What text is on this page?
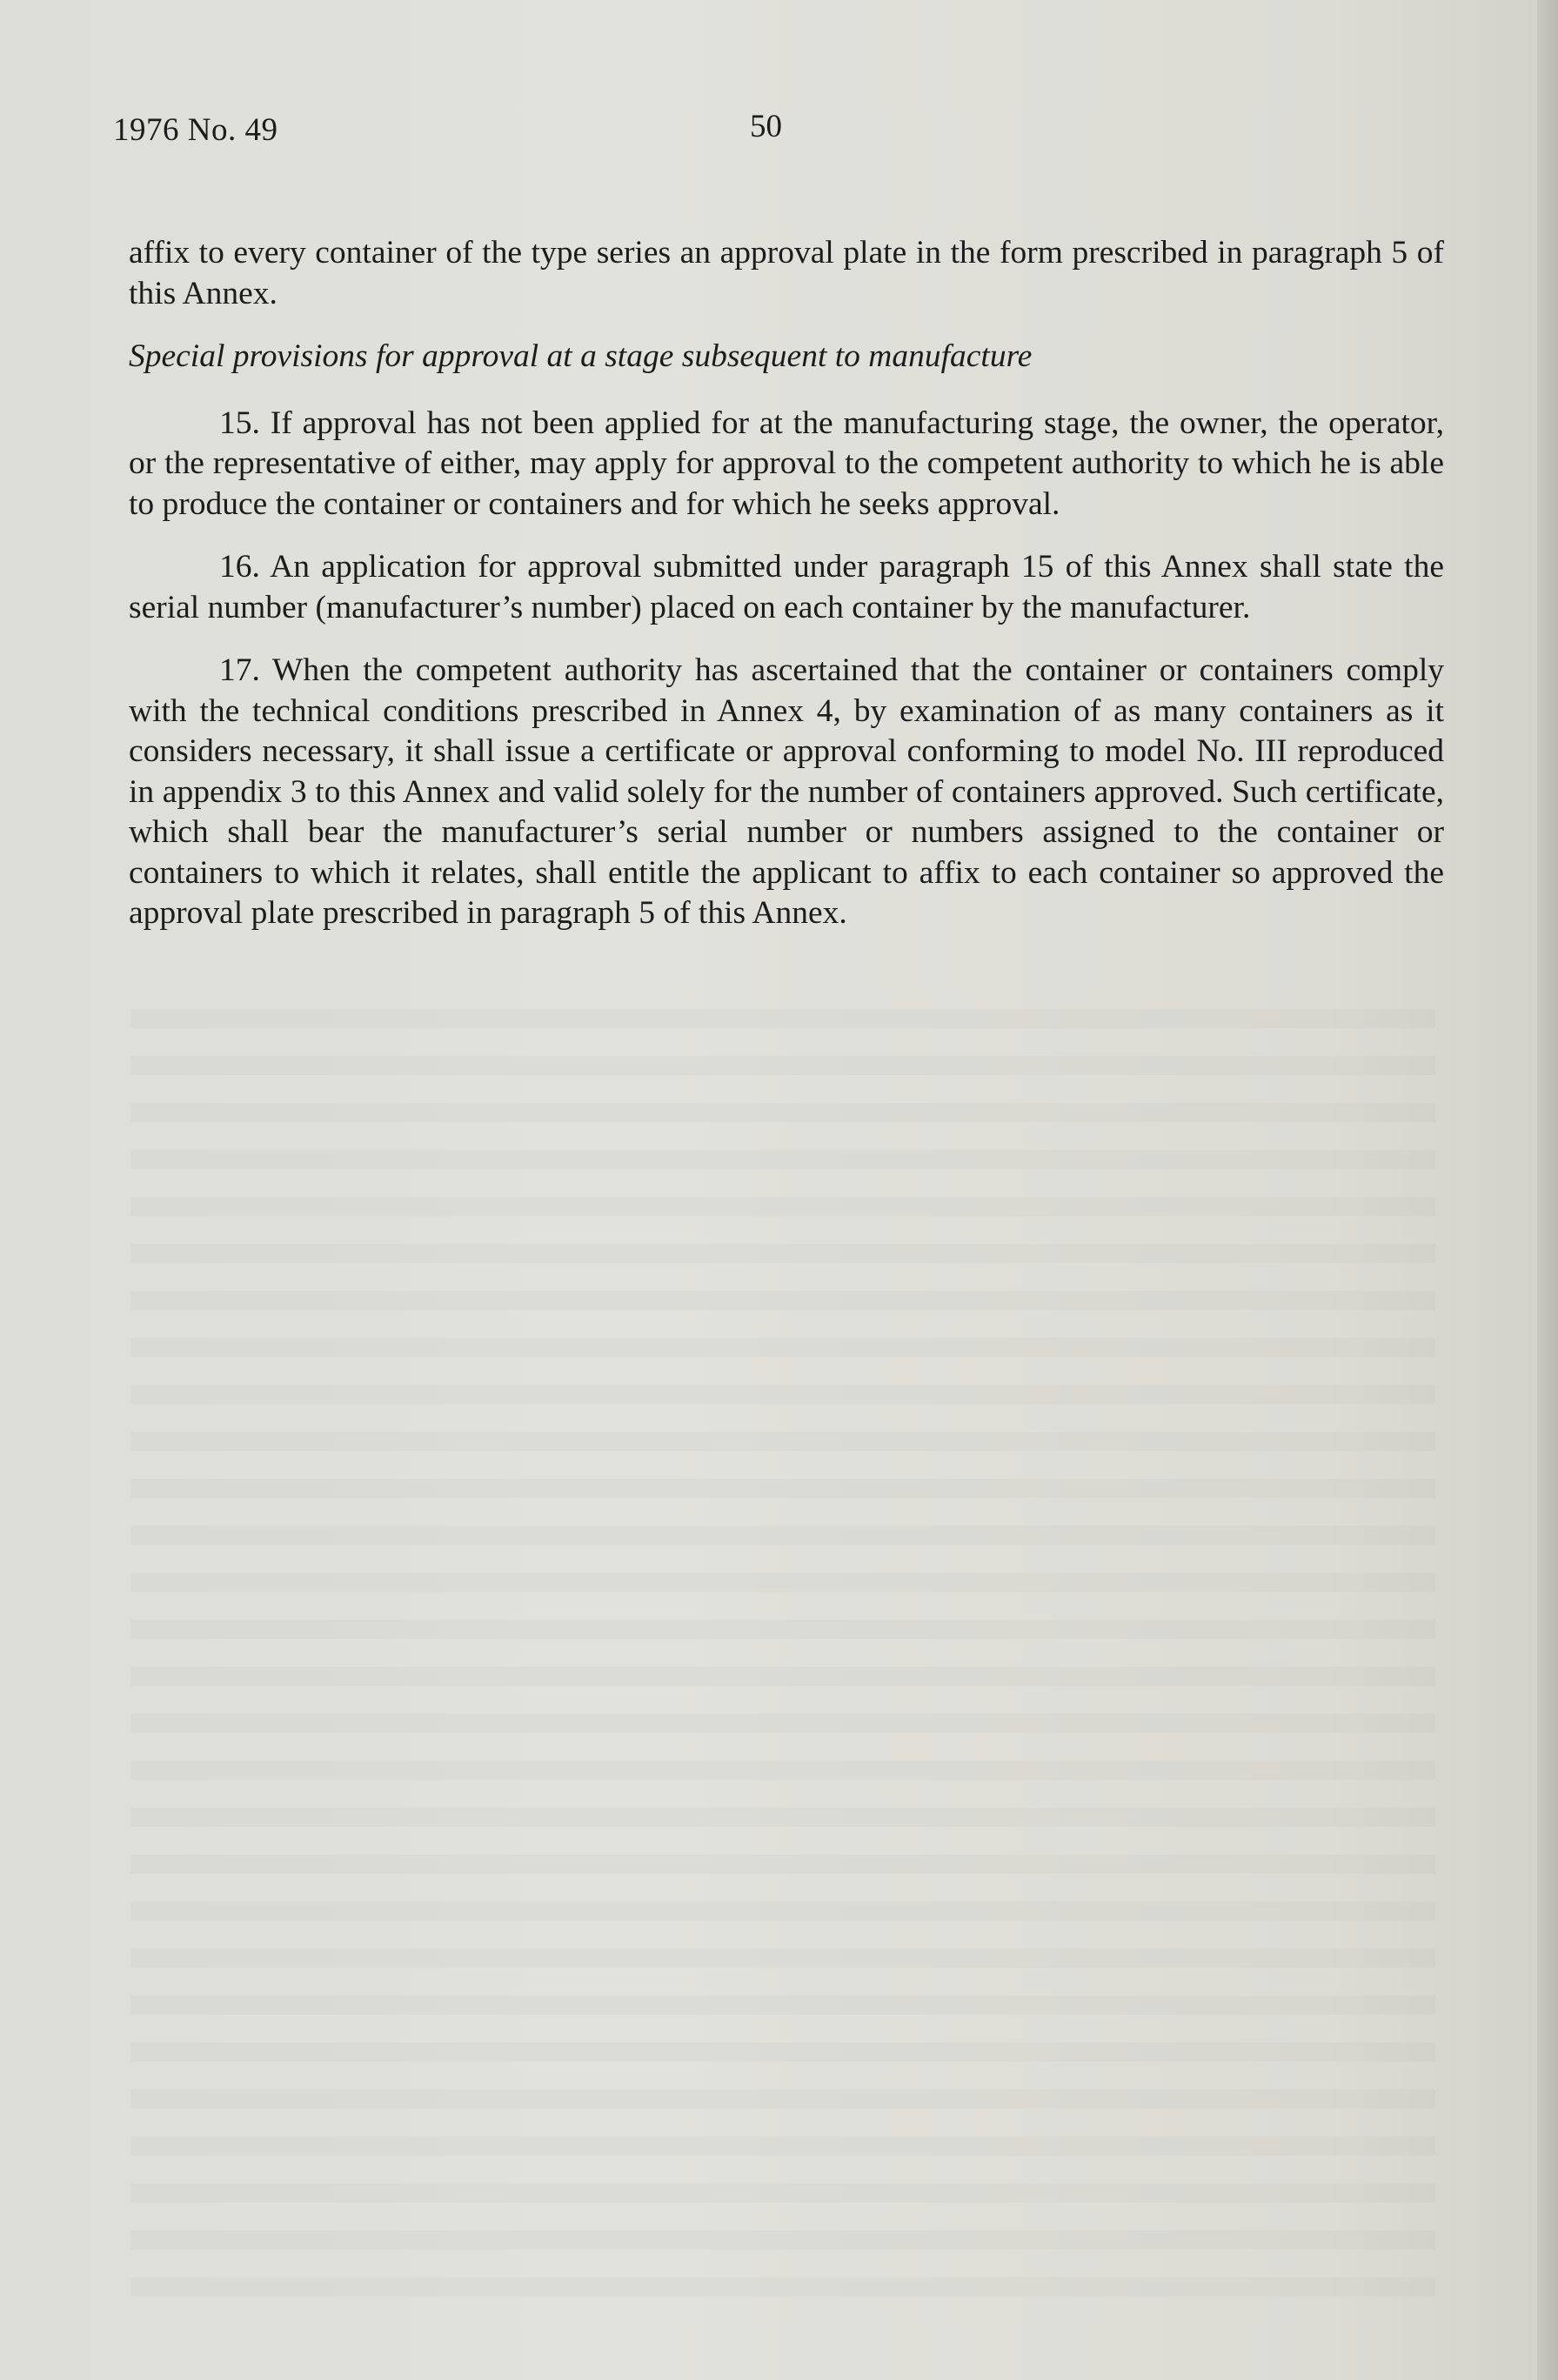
1976 No. 49	50

affix to every container of the type series an approval plate in the form prescribed in paragraph 5 of this Annex.

Special provisions for approval at a stage subsequent to manufacture

15. If approval has not been applied for at the manufacturing stage, the owner, the operator, or the representative of either, may apply for approval to the competent authority to which he is able to produce the container or containers and for which he seeks approval.

16. An application for approval submitted under paragraph 15 of this Annex shall state the serial number (manufacturer’s number) placed on each container by the manufacturer.

17. When the competent authority has ascertained that the container or containers comply with the technical conditions prescribed in Annex 4, by examination of as many containers as it considers necessary, it shall issue a certificate or approval conforming to model No. III reproduced in appendix 3 to this Annex and valid solely for the number of containers approved. Such certificate, which shall bear the manufacturer’s serial number or numbers assigned to the container or containers to which it relates, shall entitle the applicant to affix to each container so approved the approval plate prescribed in paragraph 5 of this Annex.
